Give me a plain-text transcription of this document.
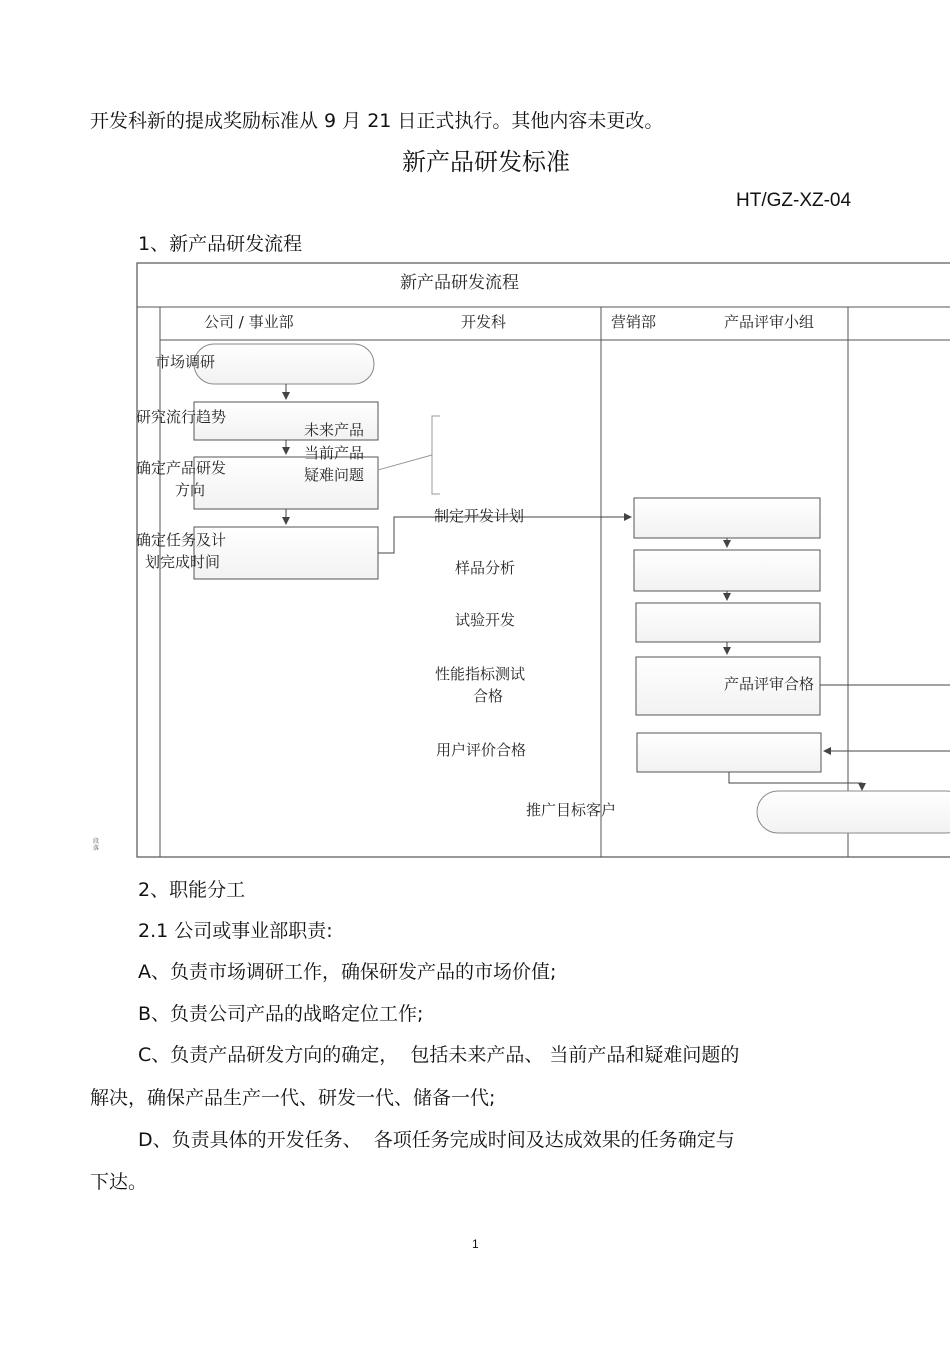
开发科新的提成奖励标准从 9 月 21 日正式执行。其他内容未更改。
新产品研发标准
HT/GZ-XZ-04
1、新产品研发流程
新产品研发流程
公司 / 事业部	开发科	营销部	产品评审小组
市场调研
研究流行趋势
确定产品研发
方向
未来产品
当前产品
疑难问题
确定任务及计
划完成时间
制定开发计划
样品分析
试验开发
性能指标测试
合格
产品评审合格
用户评价合格
推广目标客户
段 落
2、职能分工
2.1 公司或事业部职责:
A、负责市场调研工作，确保研发产品的市场价值;
B、负责公司产品的战略定位工作;
C、负责产品研发方向的确定，  包括未来产品、 当前产品和疑难问题的
解决，确保产品生产一代、研发一代、储备一代;
D、负责具体的开发任务、  各项任务完成时间及达成效果的任务确定与
下达。
1
